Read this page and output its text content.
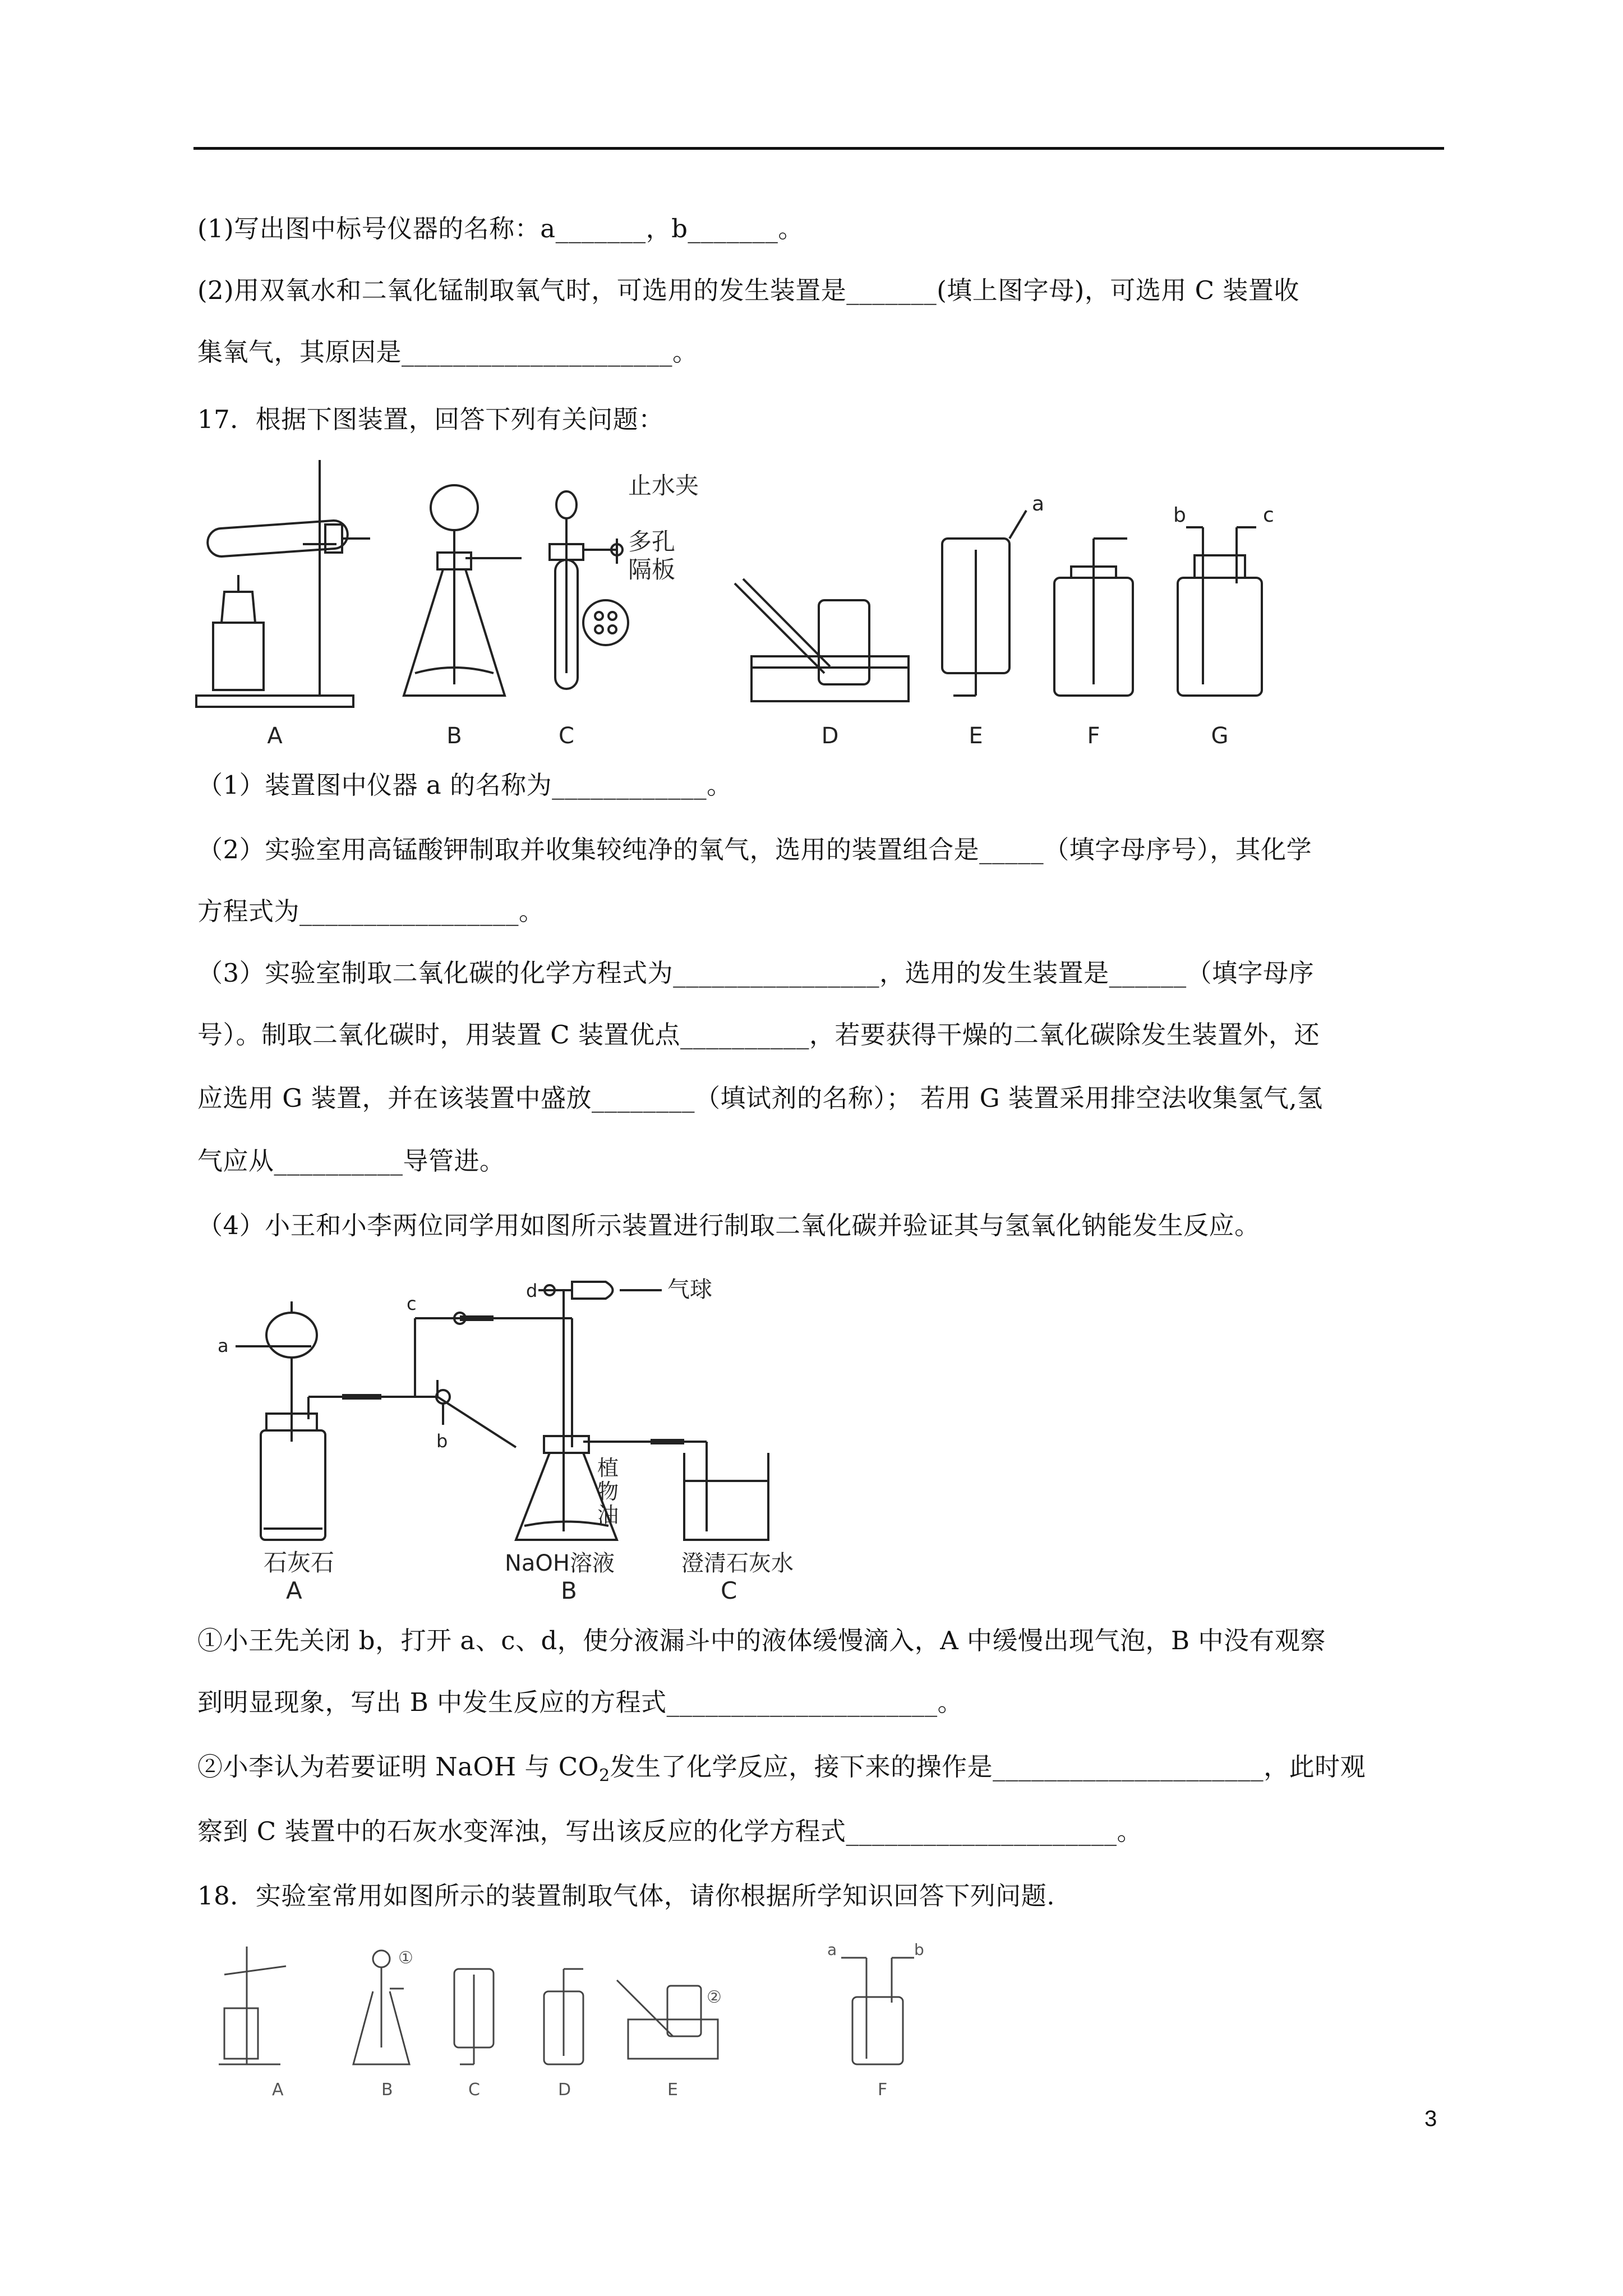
(1)写出图中标号仪器的名称：a_______，b_______。
(2)用双氧水和二氧化锰制取氧气时，可选用的发生装置是_______(填上图字母)，可选用 C 装置收
集氧气，其原因是_____________________。
17．根据下图装置，回答下列有关问题：
A	B
止水夹
多孔
隔板
C	D
a
E	F
b	c
G
（1）装置图中仪器 a 的名称为____________。
（2）实验室用高锰酸钾制取并收集较纯净的氧气，选用的装置组合是_____（填字母序号），其化学
方程式为_________________。
（3）实验室制取二氧化碳的化学方程式为________________，选用的发生装置是______（填字母序
号）。制取二氧化碳时，用装置 C 装置优点__________，若要获得干燥的二氧化碳除发生装置外，还
应选用 G 装置，并在该装置中盛放________（填试剂的名称）； 若用 G 装置采用排空法收集氢气,氢
气应从__________导管进。
（4）小王和小李两位同学用如图所示装置进行制取二氧化碳并验证其与氢氧化钠能发生反应。
a
石灰石
A
c
b
d	气球
植
物
油
NaOH溶液
B
澄清石灰水
C
①小王先关闭 b，打开 a、c、d，使分液漏斗中的液体缓慢滴入，A 中缓慢出现气泡，B 中没有观察
到明显现象，写出 B 中发生反应的方程式_____________________。
②小李认为若要证明 NaOH 与 $CO_2$发生了化学反应，接下来的操作是_____________________，此时观
察到 C 装置中的石灰水变浑浊，写出该反应的化学方程式_____________________。
18．实验室常用如图所示的装置制取气体，请你根据所学知识回答下列问题.
A
①
B	C	D
②
E
a	b
F
3
